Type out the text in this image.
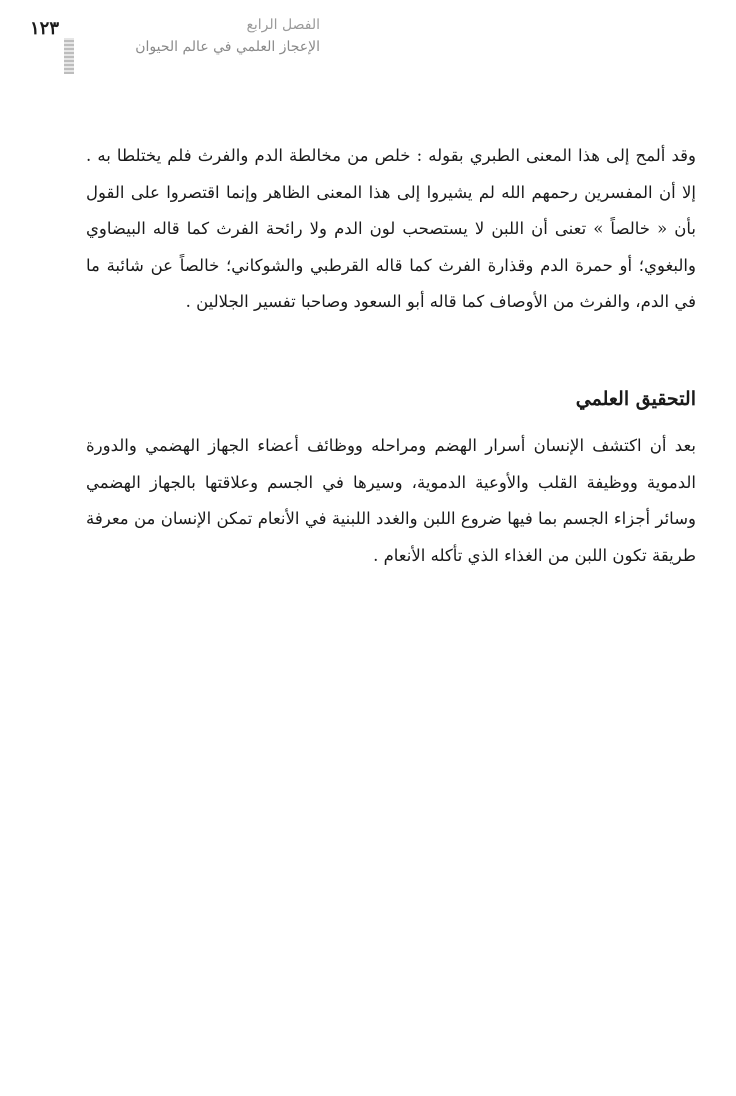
١٢٣	الفصل الرابع
الإعجاز العلمي في عالم الحيوان

وقد ألمح إلى هذا المعنى الطبري بقوله : خلص من مخالطة الدم والفرث فلم يختلطا به . إلا أن المفسرين رحمهم الله لم يشيروا إلى هذا المعنى الظاهر وإنما اقتصروا على القول بأن « خالصاً » تعنى أن اللبن لا يستصحب لون الدم ولا رائحة الفرث كما قاله البيضاوي والبغوي؛ أو حمرة الدم وقذارة الفرث كما قاله القرطبي والشوكاني؛ خالصاً عن شائبة ما في الدم، والفرث من الأوصاف كما قاله أبو السعود وصاحبا تفسير الجلالين .

التحقيق العلمي

بعد أن اكتشف الإنسان أسرار الهضم ومراحله ووظائف أعضاء الجهاز الهضمي والدورة الدموية ووظيفة القلب والأوعية الدموية، وسيرها في الجسم وعلاقتها بالجهاز الهضمي وسائر أجزاء الجسم بما فيها ضروع اللبن والغدد اللبنية في الأنعام تمكن الإنسان من معرفة طريقة تكون اللبن من الغذاء الذي تأكله الأنعام .
